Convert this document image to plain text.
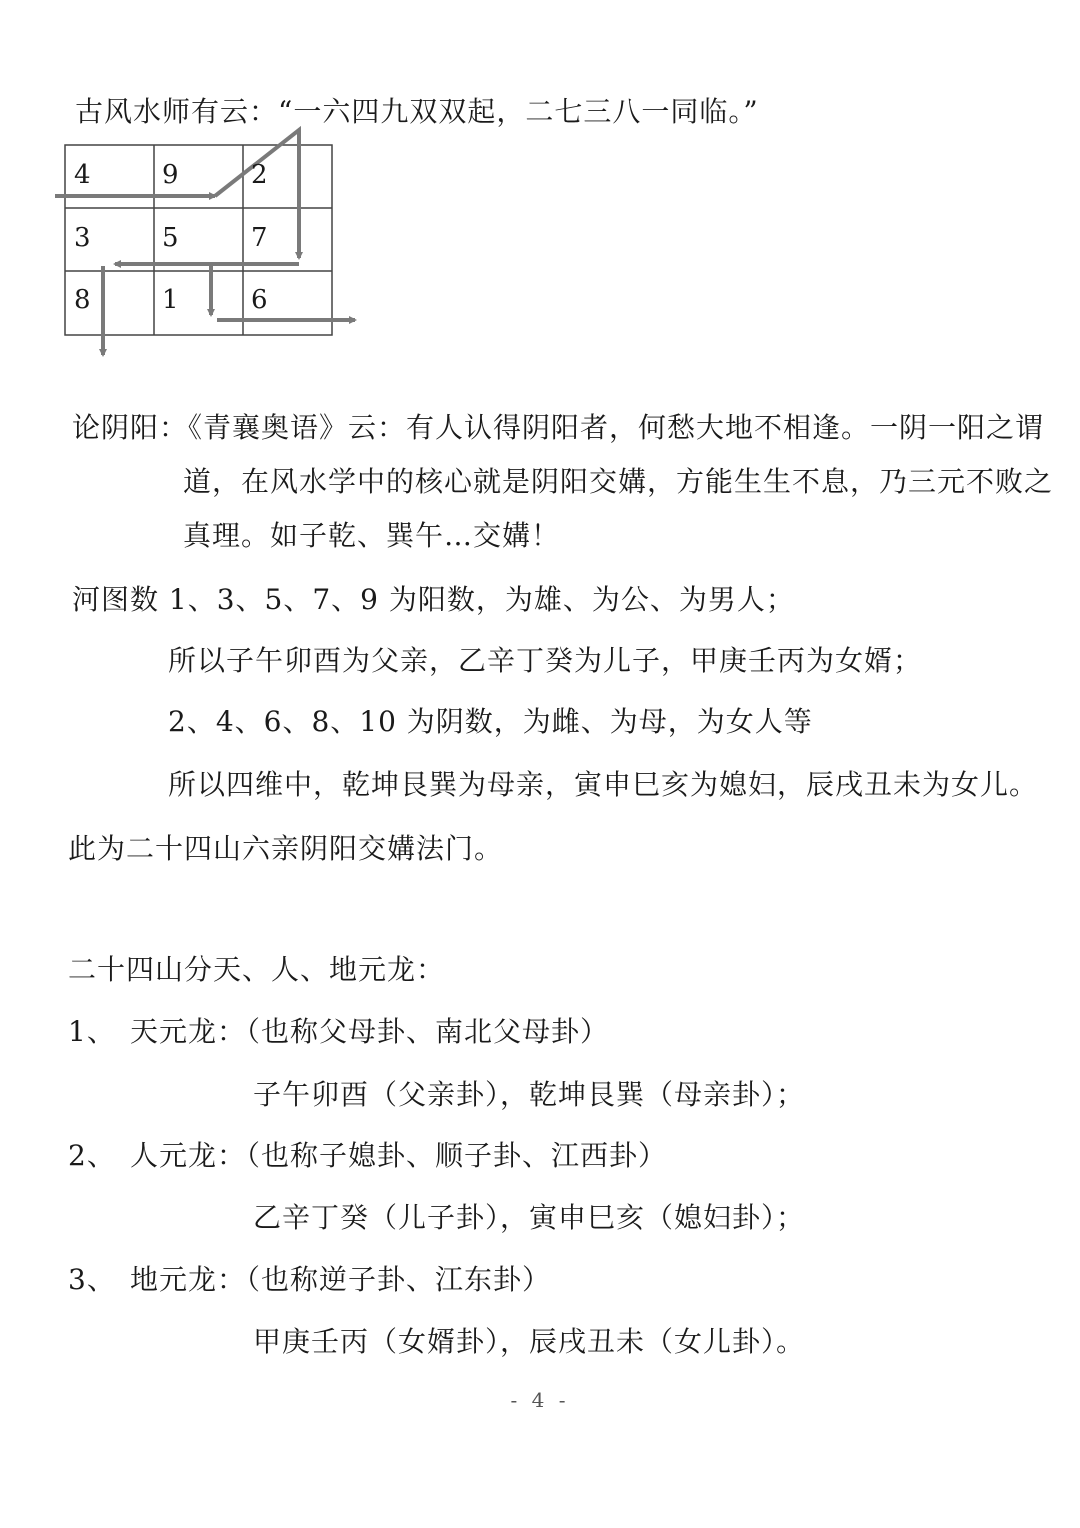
古风水师有云：“一六四九双双起，二七三八一同临。”
4	9	2
3	5	7
8	1	6
论阴阳：《青襄奥语》云：有人认得阴阳者，何愁大地不相逢。一阴一阳之谓
道，在风水学中的核心就是阴阳交媾，方能生生不息，乃三元不败之
真理。如子乾、巽午…交媾！
河图数 1、3、5、7、9 为阳数，为雄、为公、为男人；
所以子午卯酉为父亲，乙辛丁癸为儿子，甲庚壬丙为女婿；
2、4、6、8、10 为阴数，为雌、为母，为女人等
所以四维中，乾坤艮巽为母亲，寅申巳亥为媳妇，辰戌丑未为女儿。
此为二十四山六亲阴阳交媾法门。
二十四山分天、人、地元龙：
1、 天元龙：（也称父母卦、南北父母卦）
子午卯酉（父亲卦），乾坤艮巽（母亲卦）；
2、 人元龙：（也称子媳卦、顺子卦、江西卦）
乙辛丁癸（儿子卦），寅申巳亥（媳妇卦）；
3、 地元龙：（也称逆子卦、江东卦）
甲庚壬丙（女婿卦），辰戌丑未（女儿卦）。
- 4 -
